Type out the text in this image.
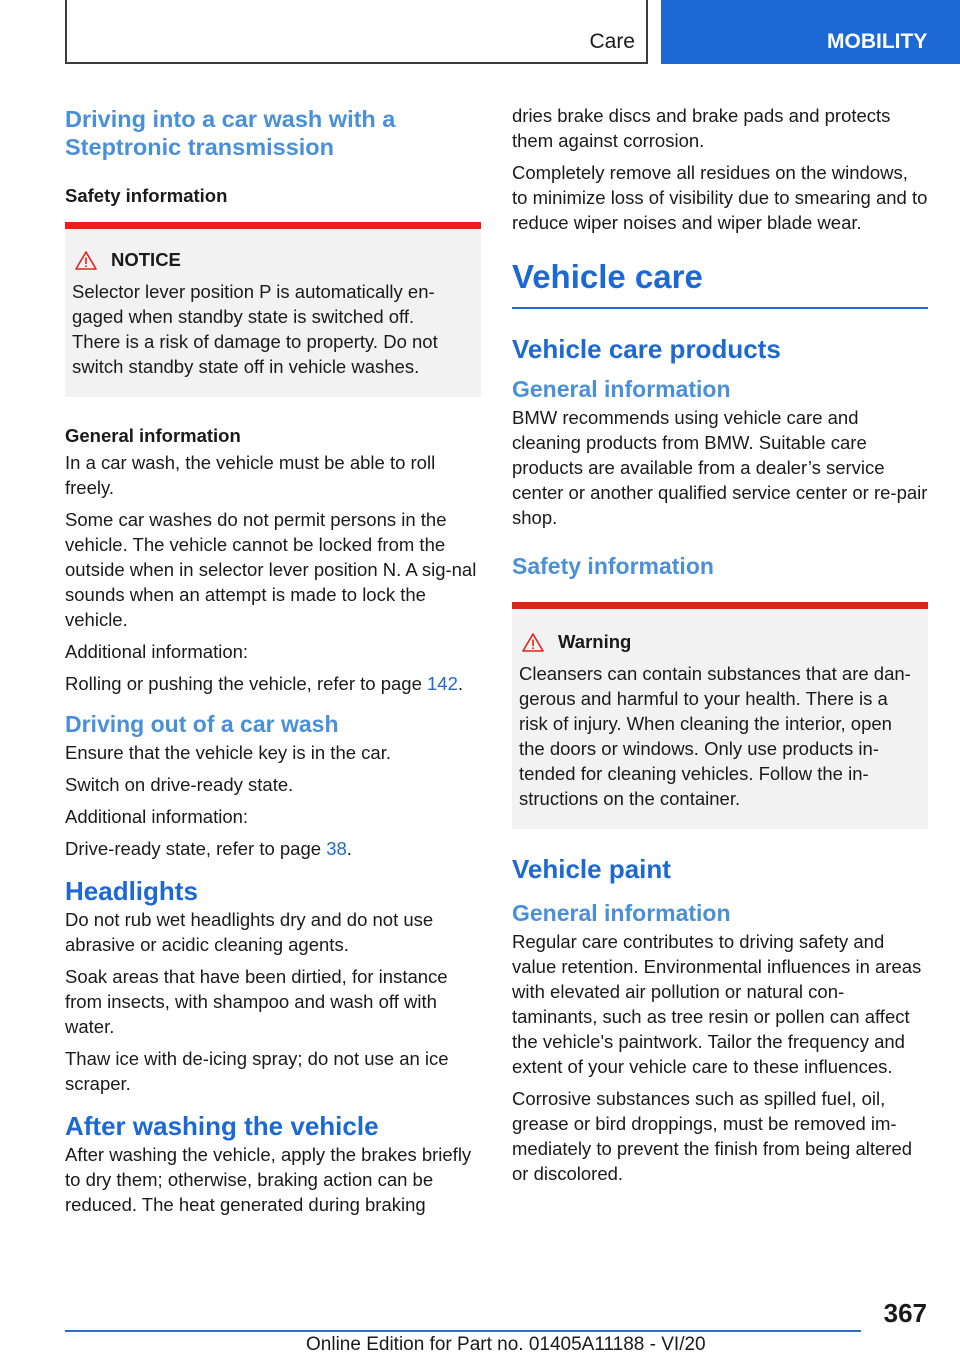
Care	MOBILITY
Driving into a car wash with a Steptronic transmission
Safety information
NOTICE

Selector lever position P is automatically en-

gaged when standby state is switched off.

There is a risk of damage to property. Do not

switch standby state off in vehicle washes.

General information

In a car wash, the vehicle must be able to roll freely.

Some car washes do not permit persons in the vehicle. The vehicle cannot be locked from the outside when in selector lever position N. A sig-nal sounds when an attempt is made to lock the vehicle.

Additional information:

Rolling or pushing the vehicle, refer to page 142.

Driving out of a car wash

Ensure that the vehicle key is in the car.

Switch on drive-ready state.

Additional information:

Drive-ready state, refer to page 38.

Headlights

Do not rub wet headlights dry and do not use abrasive or acidic cleaning agents.

Soak areas that have been dirtied, for instance from insects, with shampoo and wash off with water.

Thaw ice with de-icing spray; do not use an ice scraper.

After washing the vehicle

After washing the vehicle, apply the brakes briefly to dry them; otherwise, braking action can be reduced. The heat generated during braking

dries brake discs and brake pads and protects them against corrosion.

Completely remove all residues on the windows, to minimize loss of visibility due to smearing and to reduce wiper noises and wiper blade wear.

Vehicle care
Vehicle care products
General information

BMW recommends using vehicle care and cleaning products from BMW. Suitable care products are available from a dealer’s service center or another qualified service center or re-pair shop.

Safety information
Warning

Cleansers can contain substances that are dan-

gerous and harmful to your health. There is a

risk of injury. When cleaning the interior, open

the doors or windows. Only use products in-

tended for cleaning vehicles. Follow the in-

structions on the container.

Vehicle paint
General information

Regular care contributes to driving safety and value retention. Environmental influences in areas with elevated air pollution or natural con-taminants, such as tree resin or pollen can affect the vehicle's paintwork. Tailor the frequency and extent of your vehicle care to these influences.

Corrosive substances such as spilled fuel, oil, grease or bird droppings, must be removed im-mediately to prevent the finish from being altered or discolored.

367
Online Edition for Part no. 01405A11188 - VI/20
